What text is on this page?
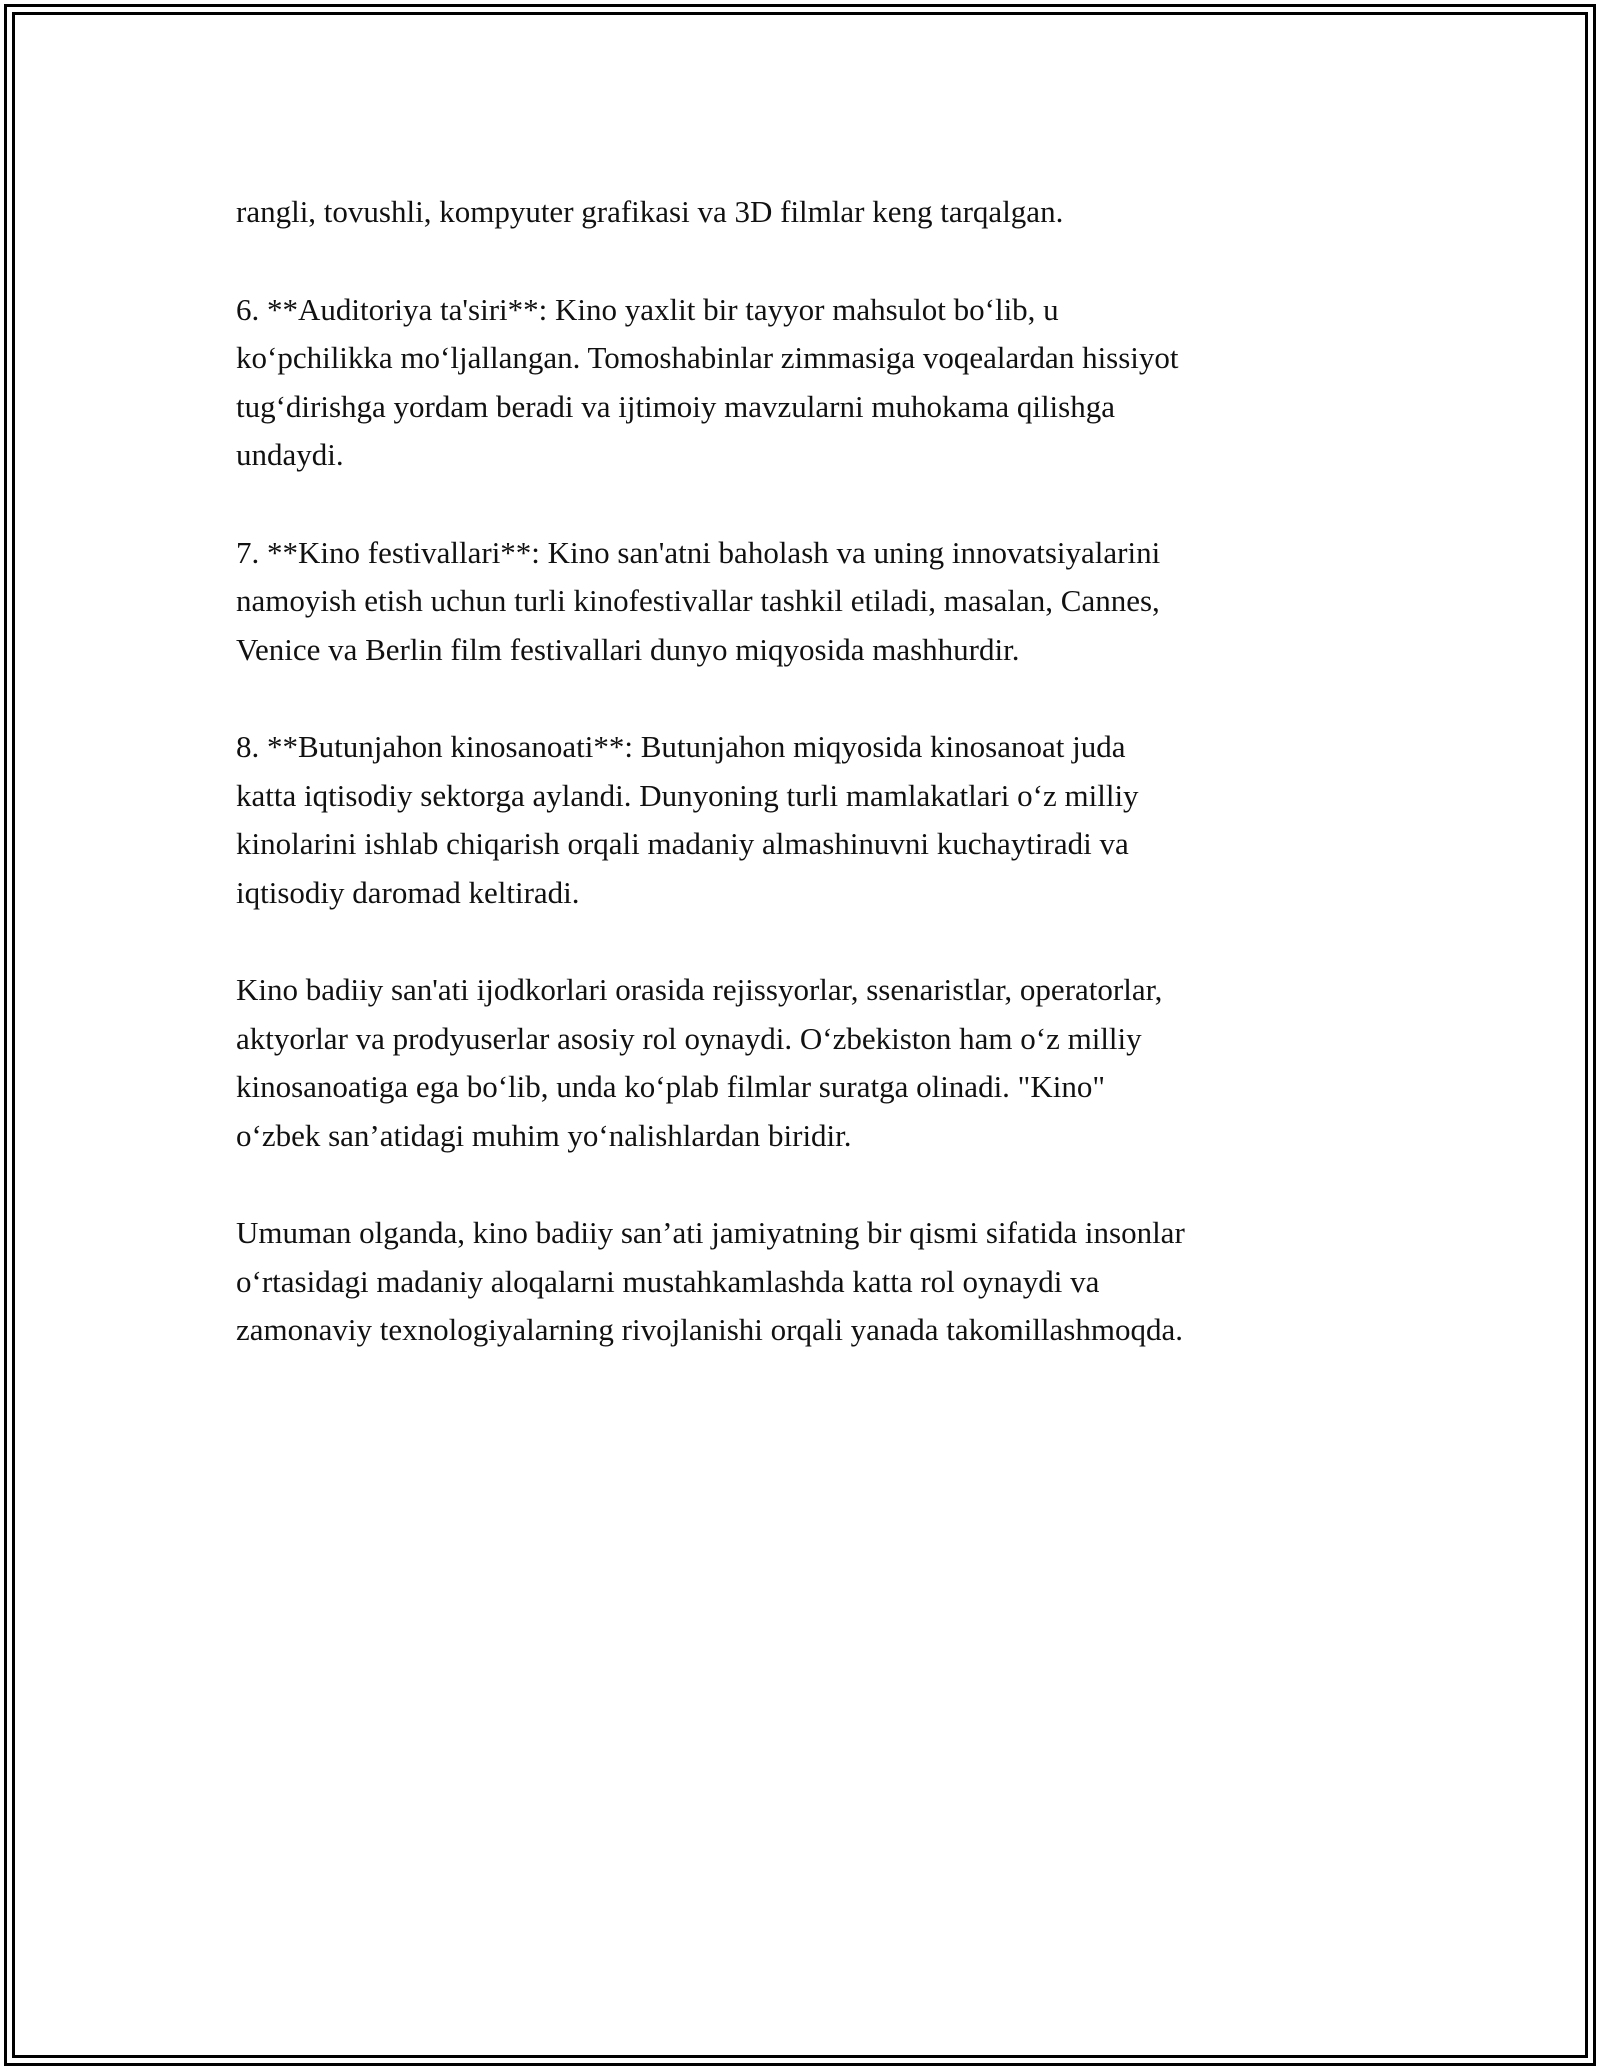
rangli, tovushli, kompyuter grafikasi va 3D filmlar keng tarqalgan.

6. **Auditoriya ta'siri**: Kino yaxlit bir tayyor mahsulot bo‘lib, u
ko‘pchilikka mo‘ljallangan. Tomoshabinlar zimmasiga voqealardan hissiyot
tug‘dirishga yordam beradi va ijtimoiy mavzularni muhokama qilishga
undaydi.

7. **Kino festivallari**: Kino san'atni baholash va uning innovatsiyalarini
namoyish etish uchun turli kinofestivallar tashkil etiladi, masalan, Cannes,
Venice va Berlin film festivallari dunyo miqyosida mashhurdir.

8. **Butunjahon kinosanoati**: Butunjahon miqyosida kinosanoat juda
katta iqtisodiy sektorga aylandi. Dunyoning turli mamlakatlari o‘z milliy
kinolarini ishlab chiqarish orqali madaniy almashinuvni kuchaytiradi va
iqtisodiy daromad keltiradi.

Kino badiiy san'ati ijodkorlari orasida rejissyorlar, ssenaristlar, operatorlar,
aktyorlar va prodyuserlar asosiy rol oynaydi. O‘zbekiston ham o‘z milliy
kinosanoatiga ega bo‘lib, unda ko‘plab filmlar suratga olinadi. "Kino"
o‘zbek san’atidagi muhim yo‘nalishlardan biridir.

Umuman olganda, kino badiiy san’ati jamiyatning bir qismi sifatida insonlar
o‘rtasidagi madaniy aloqalarni mustahkamlashda katta rol oynaydi va
zamonaviy texnologiyalarning rivojlanishi orqali yanada takomillashmoqda.
